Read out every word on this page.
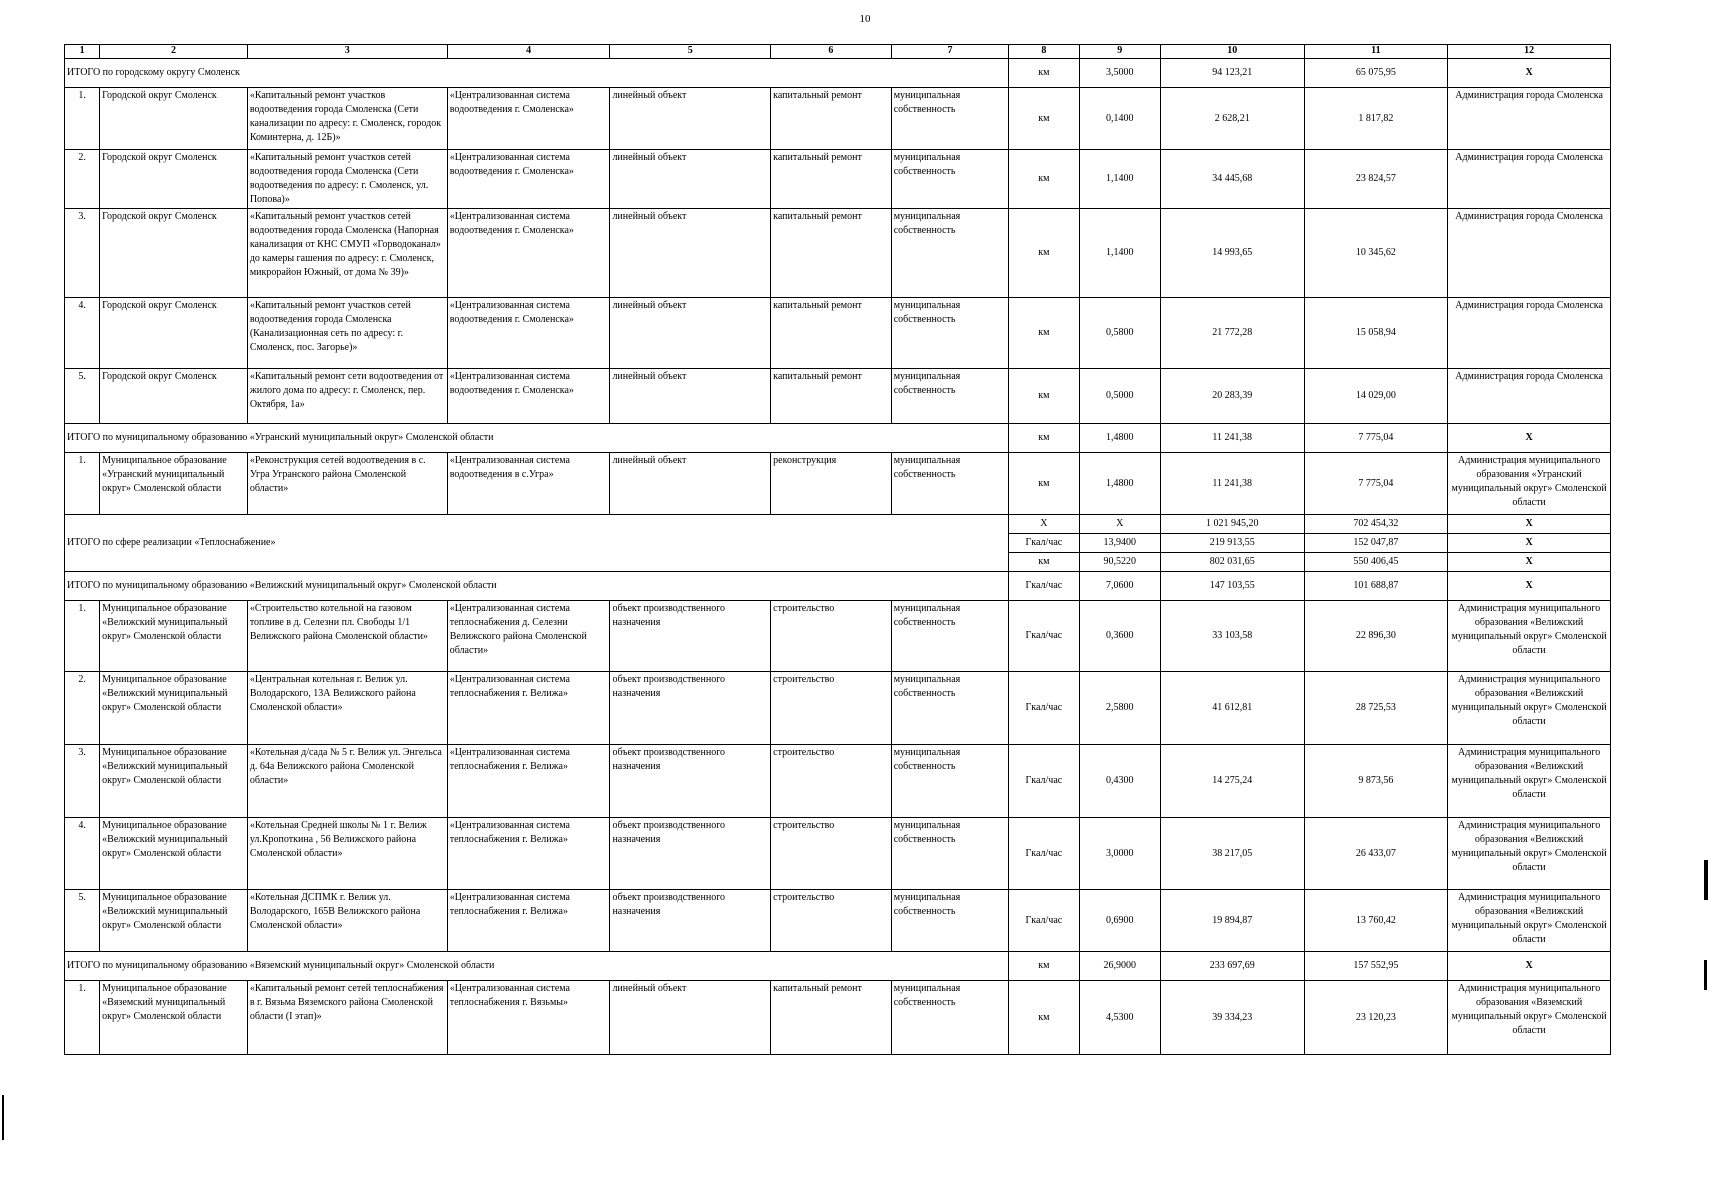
10
1	2	3	4	5	6	7	8	9	10	11	12
ИТОГО по городскому округу Смоленск							км	3,5000	94 123,21	65 075,95	Х
1.	Городской округ Смоленск	«Капитальный ремонт участков водоотведения города Смоленска (Сети канализации по адресу: г. Смоленск, городок Коминтерна, д. 12Б)»	«Централизованная система водоотведения г. Смоленска»	линейный объект	капитальный ремонт	муниципальная собственность	км	0,1400	2 628,21	1 817,82	Администрация города Смоленска
2.	Городской округ Смоленск	«Капитальный ремонт участков сетей водоотведения города Смоленска (Сети водоотведения по адресу: г. Смоленск, ул. Попова)»	«Централизованная система водоотведения г. Смоленска»	линейный объект	капитальный ремонт	муниципальная собственность	км	1,1400	34 445,68	23 824,57	Администрация города Смоленска
3.	Городской округ Смоленск	«Капитальный ремонт участков сетей водоотведения города Смоленска (Напорная канализация от КНС СМУП «Горводоканал» до камеры гашения по адресу: г. Смоленск, микрорайон Южный, от дома № 39)»	«Централизованная система водоотведения г. Смоленска»	линейный объект	капитальный ремонт	муниципальная собственность	км	1,1400	14 993,65	10 345,62	Администрация города Смоленска
4.	Городской округ Смоленск	«Капитальный ремонт участков сетей водоотведения города Смоленска (Канализационная сеть по адресу: г. Смоленск, пос. Загорье)»	«Централизованная система водоотведения г. Смоленска»	линейный объект	капитальный ремонт	муниципальная собственность	км	0,5800	21 772,28	15 058,94	Администрация города Смоленска
5.	Городской округ Смоленск	«Капитальный ремонт сети водоотведения от жилого дома по адресу: г. Смоленск, пер. Октября, 1а»	«Централизованная система водоотведения г. Смоленска»	линейный объект	капитальный ремонт	муниципальная собственность	км	0,5000	20 283,39	14 029,00	Администрация города Смоленска
ИТОГО по муниципальному образованию «Угранский муниципальный округ» Смоленской области							км	1,4800	11 241,38	7 775,04	Х
1.	Муниципальное образование «Угранский муниципальный округ» Смоленской области	«Реконструкция сетей водоотведения в с. Угра Угранского района Смоленской области»	«Централизованная система водоотведения в с.Угра»	линейный объект	реконструкция	муниципальная собственность	км	1,4800	11 241,38	7 775,04	Администрация муниципального образования «Угранский муниципальный округ» Смоленской области
ИТОГО по сфере реализации «Теплоснабжение»							Х	Х	1 021 945,20	702 454,32	Х
							Гкал/час	13,9400	219 913,55	152 047,87	Х
							км	90,5220	802 031,65	550 406,45	Х
ИТОГО по муниципальному образованию «Велижский муниципальный округ» Смоленской области							Гкал/час	7,0600	147 103,55	101 688,87	Х
1.	Муниципальное образование «Велижский муниципальный округ» Смоленской области	«Строительство котельной на газовом топливе в д. Селезни пл. Свободы 1/1 Велижского района Смоленской области»	«Централизованная система теплоснабжения д. Селезни Велижского района Смоленской области»	объект производственного назначения	строительство	муниципальная собственность	Гкал/час	0,3600	33 103,58	22 896,30	Администрация муниципального образования «Велижский муниципальный округ» Смоленской области
2.	Муниципальное образование «Велижский муниципальный округ» Смоленской области	«Центральная котельная г. Велиж ул. Володарского, 13А Велижского района Смоленской области»	«Централизованная система теплоснабжения г. Велижа»	объект производственного назначения	строительство	муниципальная собственность	Гкал/час	2,5800	41 612,81	28 725,53	Администрация муниципального образования «Велижский муниципальный округ» Смоленской области
3.	Муниципальное образование «Велижский муниципальный округ» Смоленской области	«Котельная д/сада № 5 г. Велиж ул. Энгельса д. 64а Велижского района Смоленской области»	«Централизованная система теплоснабжения г. Велижа»	объект производственного назначения	строительство	муниципальная собственность	Гкал/час	0,4300	14 275,24	9 873,56	Администрация муниципального образования «Велижский муниципальный округ» Смоленской области
4.	Муниципальное образование «Велижский муниципальный округ» Смоленской области	«Котельная Средней школы № 1 г. Велиж ул.Кропоткина , 56 Велижского района Смоленской области»	«Централизованная система теплоснабжения г. Велижа»	объект производственного назначения	строительство	муниципальная собственность	Гкал/час	3,0000	38 217,05	26 433,07	Администрация муниципального образования «Велижский муниципальный округ» Смоленской области
5.	Муниципальное образование «Велижский муниципальный округ» Смоленской области	«Котельная ДСПМК г. Велиж ул. Володарского, 165В Велижского района Смоленской области»	«Централизованная система теплоснабжения г. Велижа»	объект производственного назначения	строительство	муниципальная собственность	Гкал/час	0,6900	19 894,87	13 760,42	Администрация муниципального образования «Велижский муниципальный округ» Смоленской области
ИТОГО по муниципальному образованию «Вяземский муниципальный округ» Смоленской области							км	26,9000	233 697,69	157 552,95	Х
1.	Муниципальное образование «Вяземский муниципальный округ» Смоленской области	«Капитальный ремонт сетей теплоснабжения в г. Вязьма Вяземского района Смоленской области (I этап)»	«Централизованная система теплоснабжения г. Вязьмы»	линейный объект	капитальный ремонт	муниципальная собственность	км	4,5300	39 334,23	23 120,23	Администрация муниципального образования «Вяземский муниципальный округ» Смоленской области
